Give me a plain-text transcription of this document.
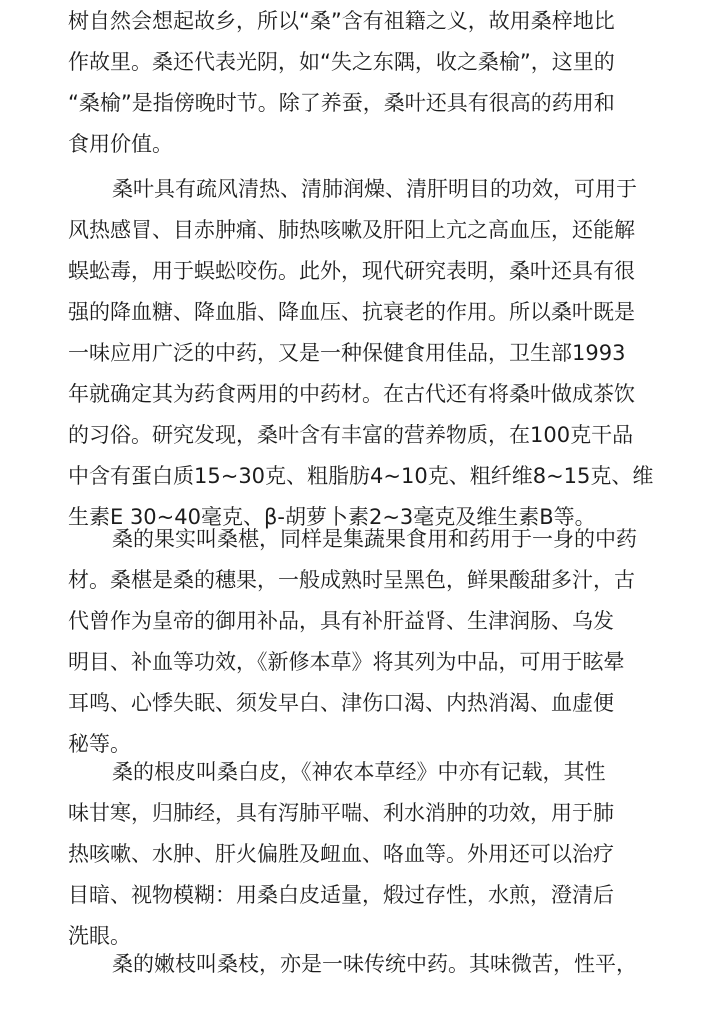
树自然会想起故乡，所以“桑”含有祖籍之义，故用桑梓地比
作故里。桑还代表光阴，如“失之东隅，收之桑榆”，这里的
“桑榆”是指傍晚时节。除了养蚕，桑叶还具有很高的药用和
食用价值。
桑叶具有疏风清热、清肺润燥、清肝明目的功效，可用于
风热感冒、目赤肿痛、肺热咳嗽及肝阳上亢之高血压，还能解
蜈蚣毒，用于蜈蚣咬伤。此外，现代研究表明，桑叶还具有很
强的降血糖、降血脂、降血压、抗衰老的作用。所以桑叶既是
一味应用广泛的中药，又是一种保健食用佳品，卫生部1993
年就确定其为药食两用的中药材。在古代还有将桑叶做成茶饮
的习俗。研究发现，桑叶含有丰富的营养物质，在100克干品
中含有蛋白质15~30克、粗脂肪4~10克、粗纤维8~15克、维
生素E 30~40毫克、β-胡萝卜素2~3毫克及维生素B等。
桑的果实叫桑椹，同样是集蔬果食用和药用于一身的中药
材。桑椹是桑的穗果，一般成熟时呈黑色，鲜果酸甜多汁，古
代曾作为皇帝的御用补品，具有补肝益肾、生津润肠、乌发
明目、补血等功效，《新修本草》将其列为中品，可用于眩晕
耳鸣、心悸失眠、须发早白、津伤口渴、内热消渴、血虚便
秘等。
桑的根皮叫桑白皮，《神农本草经》中亦有记载，其性
味甘寒，归肺经，具有泻肺平喘、利水消肿的功效，用于肺
热咳嗽、水肿、肝火偏胜及衄血、咯血等。外用还可以治疗
目暗、视物模糊：用桑白皮适量，煅过存性，水煎，澄清后
洗眼。
桑的嫩枝叫桑枝，亦是一味传统中药。其味微苦，性平，
